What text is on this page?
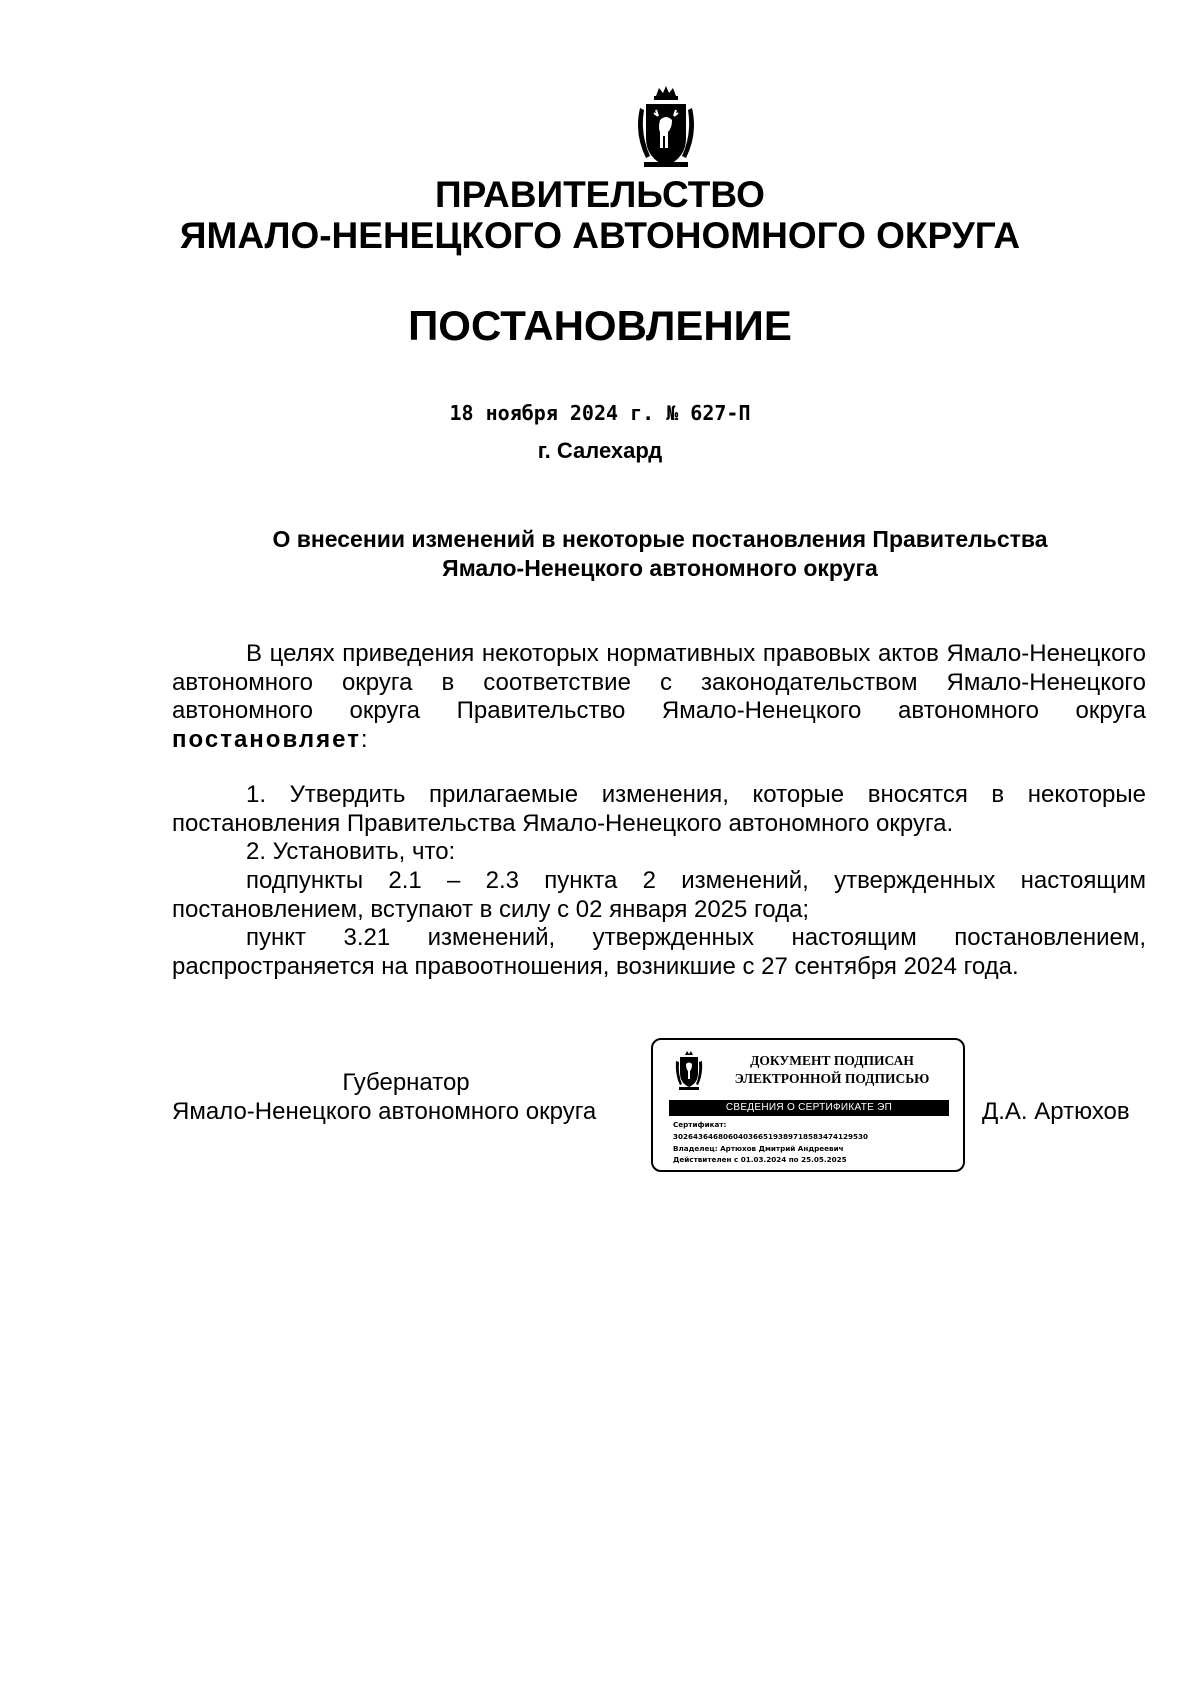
ПРАВИТЕЛЬСТВО
ЯМАЛО-НЕНЕЦКОГО АВТОНОМНОГО ОКРУГА
ПОСТАНОВЛЕНИЕ
18 ноября 2024 г. № 627-П
г. Салехард
О внесении изменений в некоторые постановления Правительства
Ямало-Ненецкого автономного округа

В целях приведения некоторых нормативных правовых актов Ямало-Ненецкого автономного округа в соответствие с законодательством Ямало-Ненецкого автономного округа Правительство Ямало-Ненецкого автономного округа постановляет:

1. Утвердить прилагаемые изменения, которые вносятся в некоторые постановления Правительства Ямало-Ненецкого автономного округа.

2. Установить, что:

подпункты 2.1 – 2.3 пункта 2 изменений, утвержденных настоящим постановлением, вступают в силу с 02 января 2025 года;

пункт 3.21 изменений, утвержденных настоящим постановлением, распространяется на правоотношения, возникшие с 27 сентября 2024 года.

Губернатор
Ямало-Ненецкого автономного округа
ДОКУМЕНТ ПОДПИСАН
ЭЛЕКТРОННОЙ ПОДПИСЬЮ
СВЕДЕНИЯ О СЕРТИФИКАТЕ ЭП
Сертификат:
302643646806040366519389718583474129530
Владелец: Артюхов Дмитрий Андреевич
Действителен с 01.03.2024 по 25.05.2025
Д.А. Артюхов
